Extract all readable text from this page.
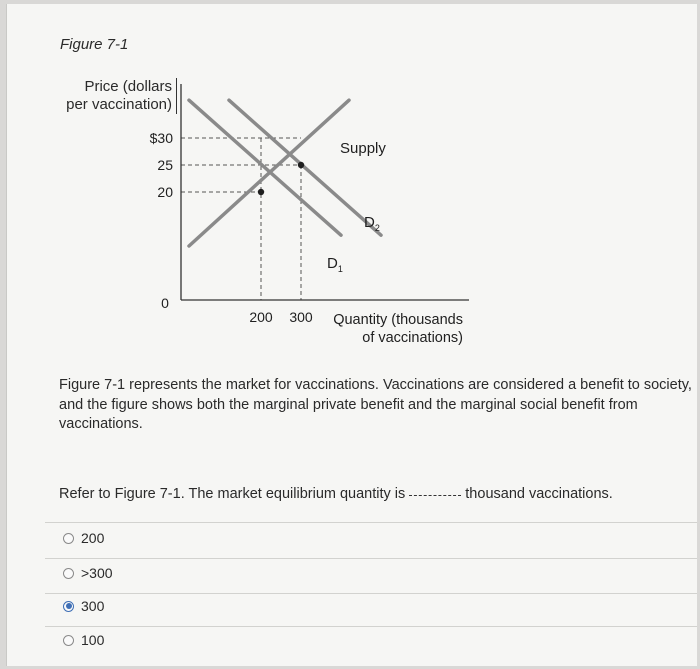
Figure 7-1
Price (dollars
per vaccination)
$30
25
20
0
200 300
Supply
$D_1$
$D_2$
Quantity (thousands
of vaccinations)
Figure 7-1 represents the market for vaccinations. Vaccinations are considered a benefit to society, and the figure shows both the marginal private benefit and the marginal social benefit from vaccinations.
Refer to Figure 7-1. The market equilibrium quantity is	thousand vaccinations.
200
>300
300
100
